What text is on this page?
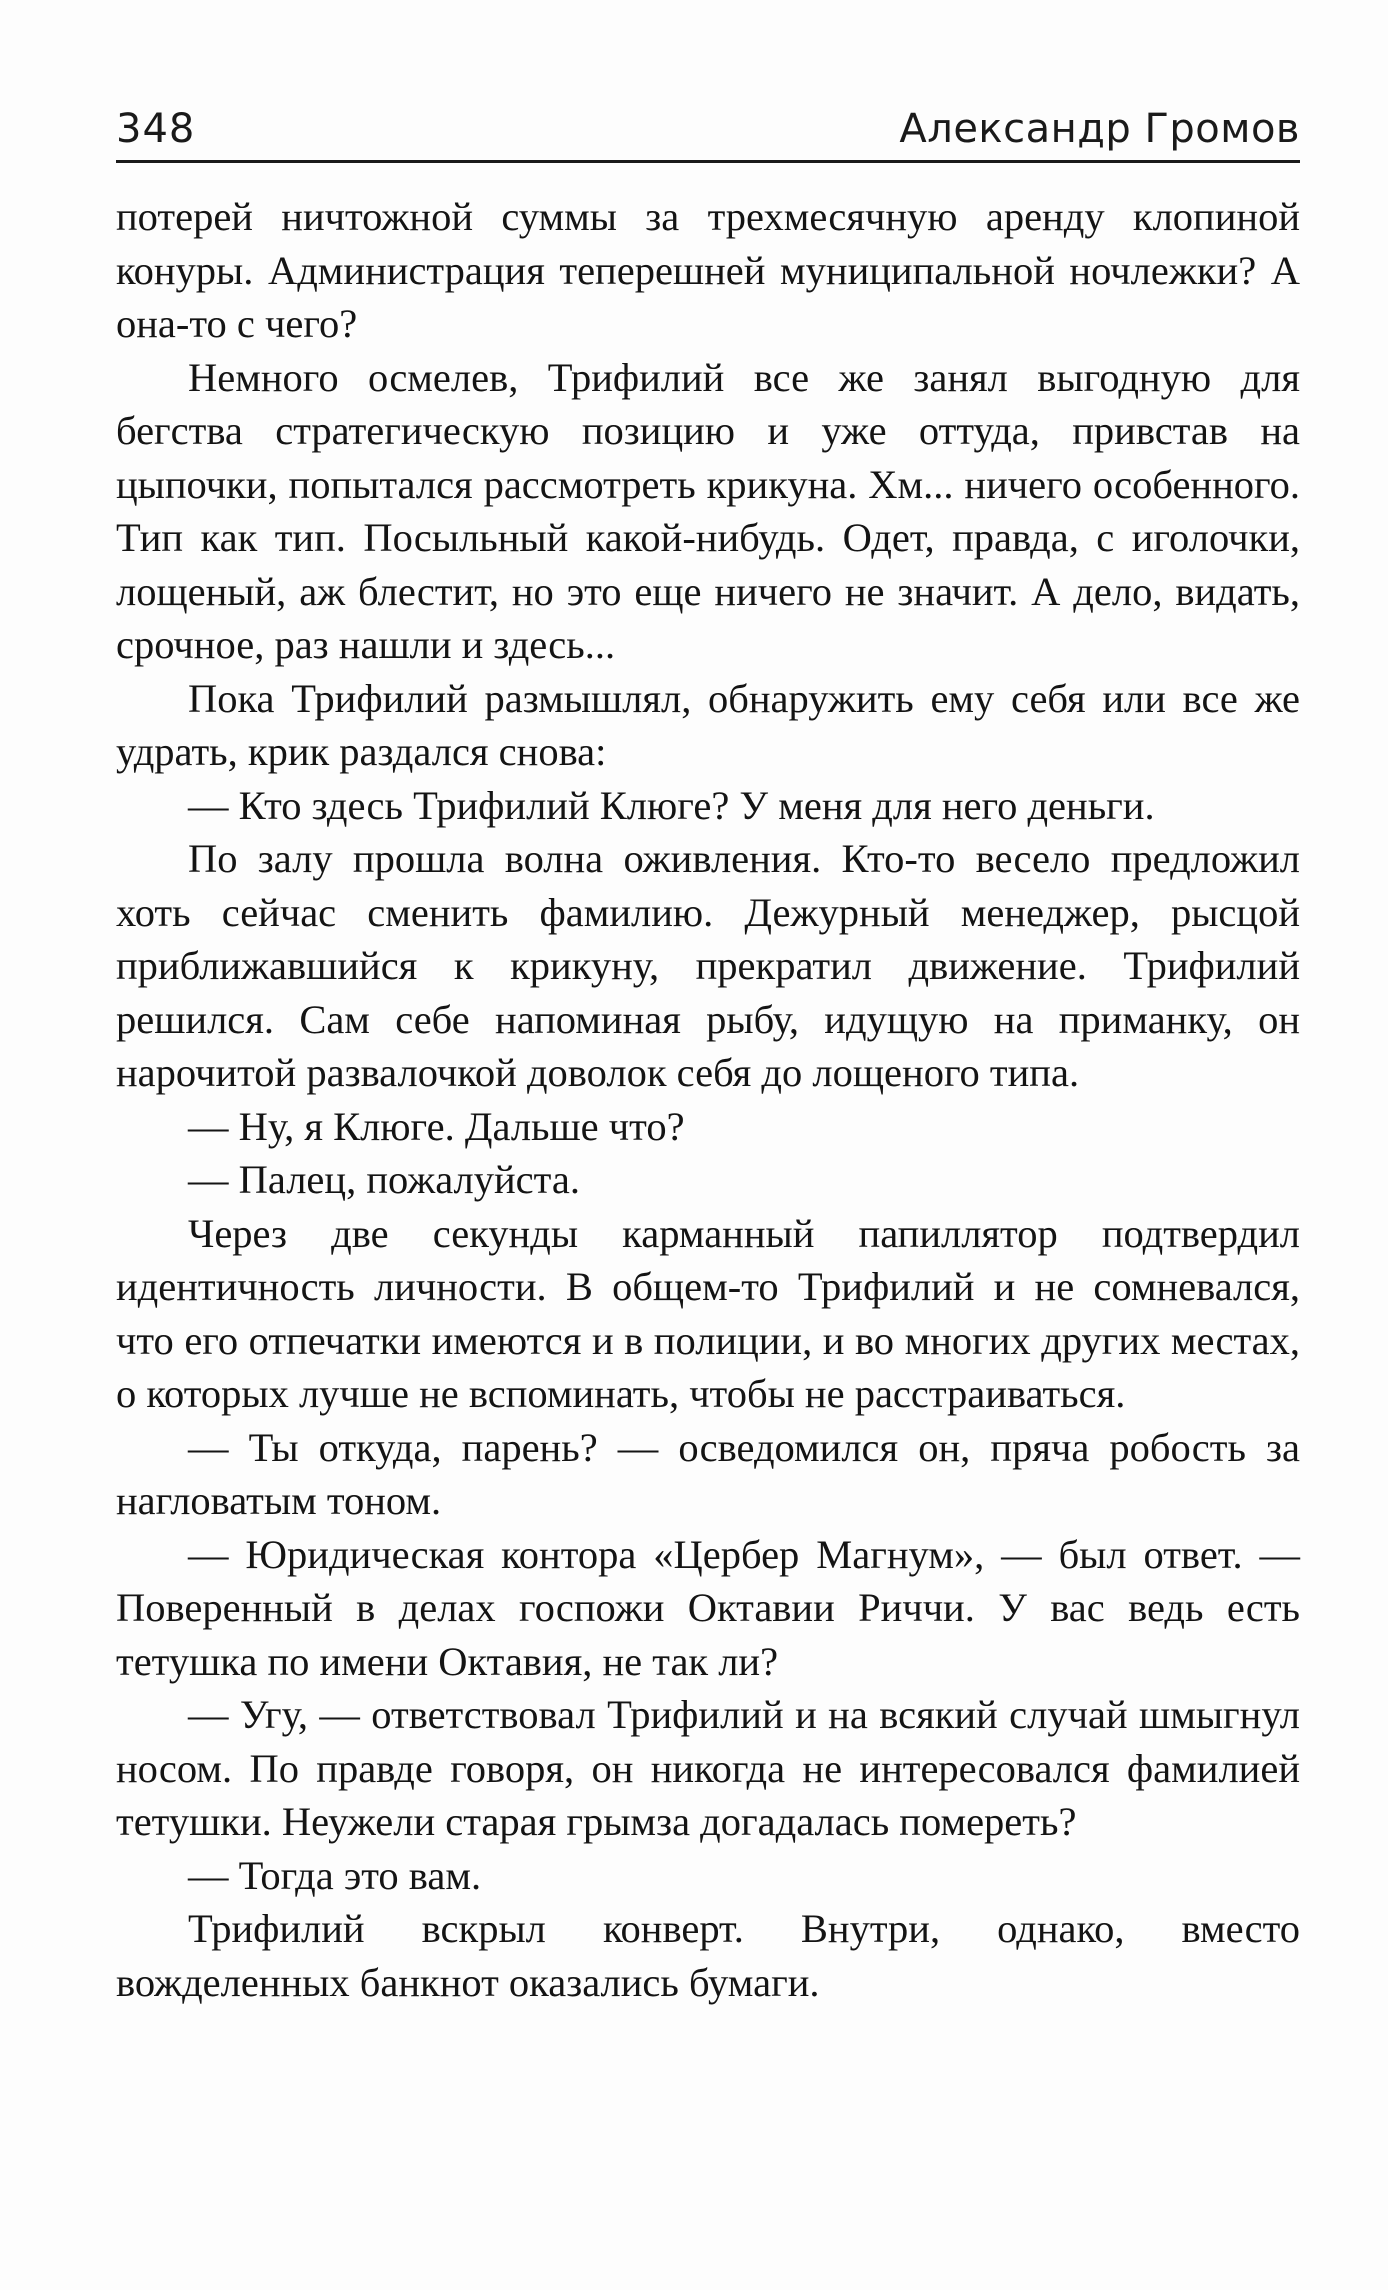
348	Александр Громов

потерей ничтожной суммы за трехмесячную аренду клопиной конуры. Администрация теперешней муниципальной ночлежки? А она-то с чего?

Немного осмелев, Трифилий все же занял выгодную для бегства стратегическую позицию и уже оттуда, привстав на цыпочки, попытался рассмотреть крикуна. Хм... ничего особенного. Тип как тип. Посыльный какой-нибудь. Одет, правда, с иголочки, лощеный, аж блестит, но это еще ничего не значит. А дело, видать, срочное, раз нашли и здесь...

Пока Трифилий размышлял, обнаружить ему себя или все же удрать, крик раздался снова:

— Кто здесь Трифилий Клюге? У меня для него деньги.

По залу прошла волна оживления. Кто-то весело предложил хоть сейчас сменить фамилию. Дежурный менеджер, рысцой приближавшийся к крикуну, прекратил движение. Трифилий решился. Сам себе напоминая рыбу, идущую на приманку, он нарочитой развалочкой доволок себя до лощеного типа.

— Ну, я Клюге. Дальше что?

— Палец, пожалуйста.

Через две секунды карманный папиллятор подтвердил идентичность личности. В общем-то Трифилий и не сомневался, что его отпечатки имеются и в полиции, и во многих других местах, о которых лучше не вспоминать, чтобы не расстраиваться.

— Ты откуда, парень? — осведомился он, пряча робость за нагловатым тоном.

— Юридическая контора «Цербер Магнум», — был ответ. — Поверенный в делах госпожи Октавии Риччи. У вас ведь есть тетушка по имени Октавия, не так ли?

— Угу, — ответствовал Трифилий и на всякий случай шмыгнул носом. По правде говоря, он никогда не интересовался фамилией тетушки. Неужели старая грымза догадалась помереть?

— Тогда это вам.

Трифилий вскрыл конверт. Внутри, однако, вместо вожделенных банкнот оказались бумаги.
